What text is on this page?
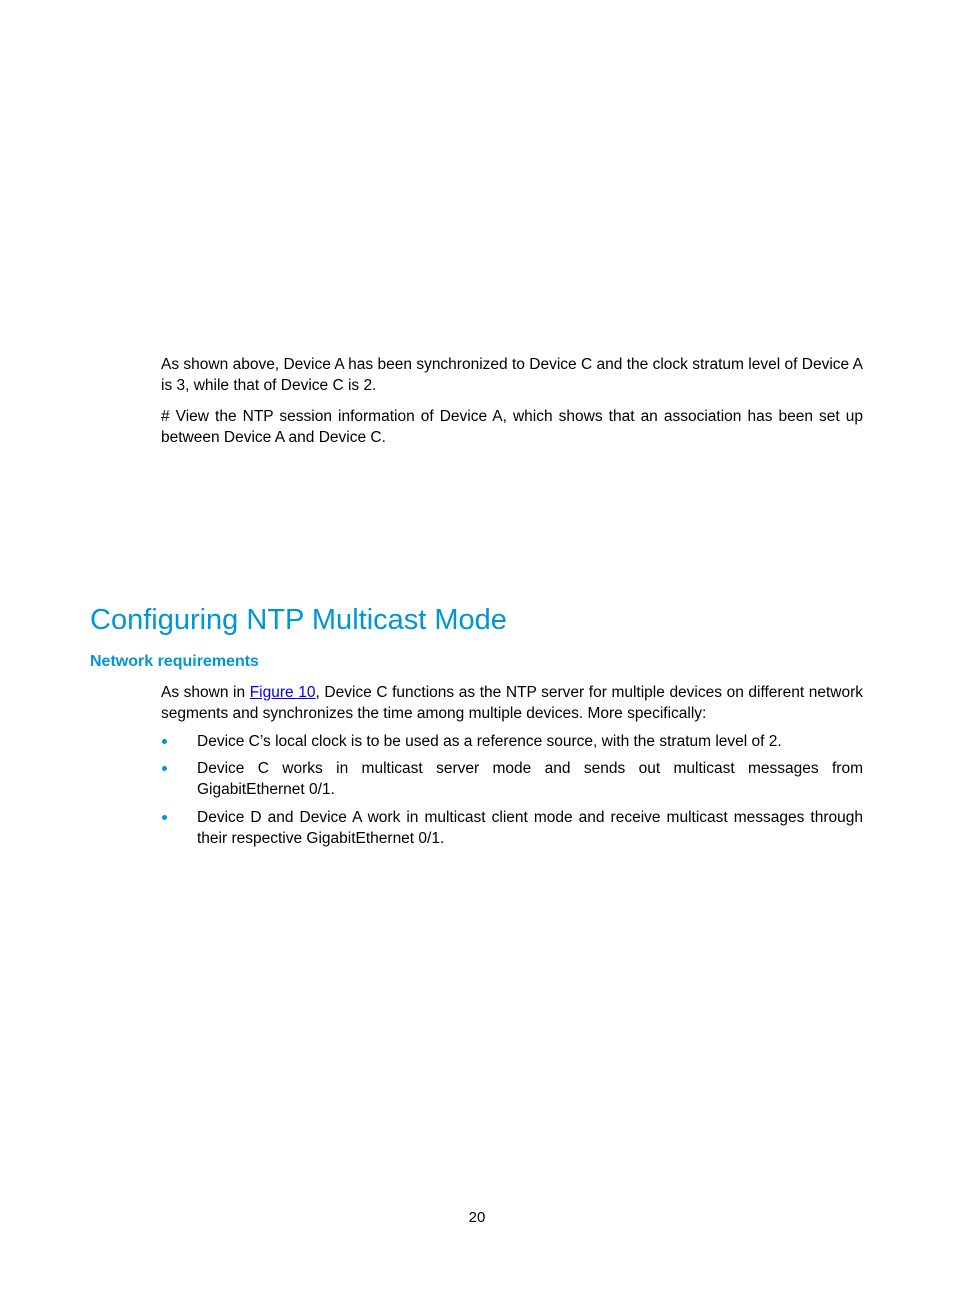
As shown above, Device A has been synchronized to Device C and the clock stratum level of Device A is 3, while that of Device C is 2.

# View the NTP session information of Device A, which shows that an association has been set up between Device A and Device C.

Configuring NTP Multicast Mode
Network requirements

As shown in Figure 10, Device C functions as the NTP server for multiple devices on different network segments and synchronizes the time among multiple devices. More specifically:

Device C’s local clock is to be used as a reference source, with the stratum level of 2.
Device C works in multicast server mode and sends out multicast messages from GigabitEthernet 0/1.
Device D and Device A work in multicast client mode and receive multicast messages through their respective GigabitEthernet 0/1.
20
